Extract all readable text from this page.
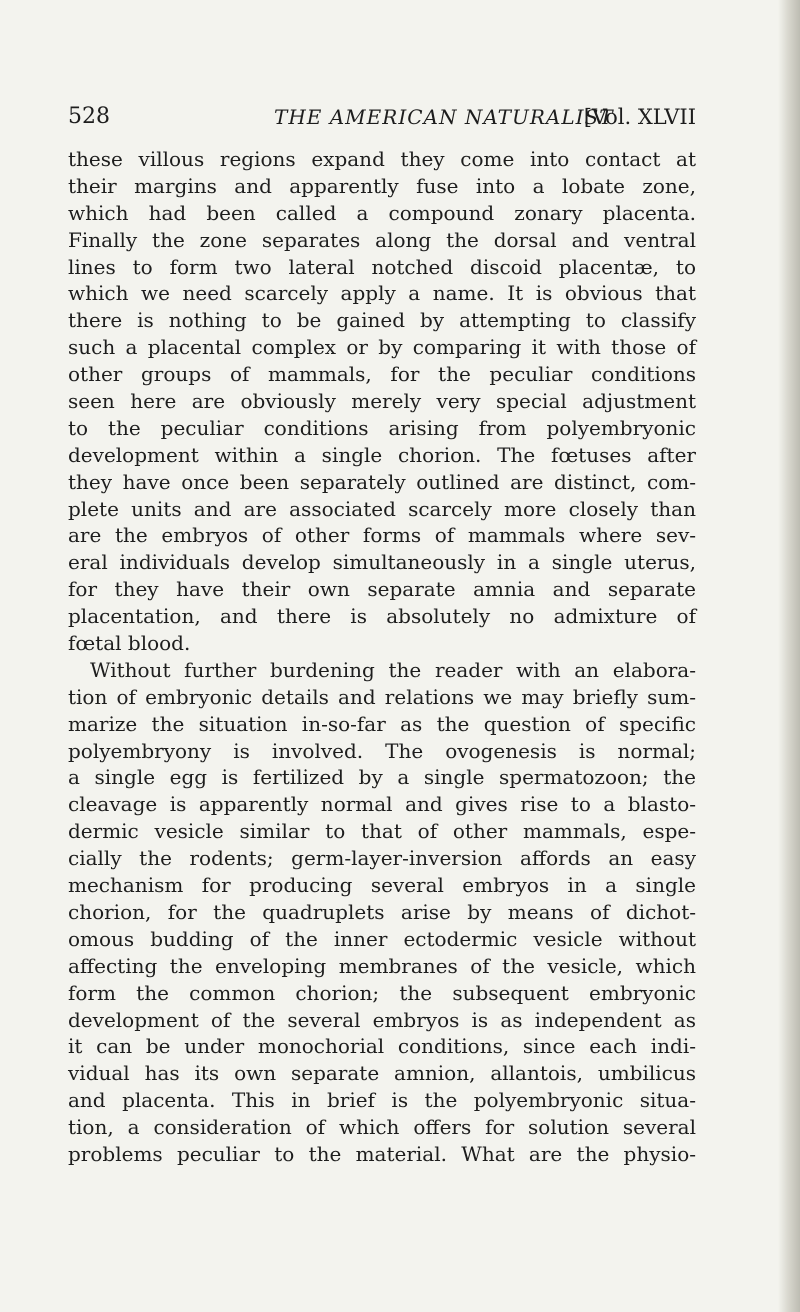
528	THE AMERICAN NATURALIST
[Vol. XLVII
these villous regions expand they come into contact at
their margins and apparently fuse into a lobate zone,
which had been called a compound zonary placenta.
Finally the zone separates along the dorsal and ventral
lines to form two lateral notched discoid placentæ, to
which we need scarcely apply a name. It is obvious that
there is nothing to be gained by attempting to classify
such a placental complex or by comparing it with those of
other groups of mammals, for the peculiar conditions
seen here are obviously merely very special adjustment
to the peculiar conditions arising from polyembryonic
development within a single chorion. The fœtuses after
they have once been separately outlined are distinct, com-
plete units and are associated scarcely more closely than
are the embryos of other forms of mammals where sev-
eral individuals develop simultaneously in a single uterus,
for they have their own separate amnia and separate
placentation, and there is absolutely no admixture of
fœtal blood.
Without further burdening the reader with an elabora-
tion of embryonic details and relations we may briefly sum-
marize the situation in-so-far as the question of specific
polyembryony is involved. The ovogenesis is normal;
a single egg is fertilized by a single spermatozoon; the
cleavage is apparently normal and gives rise to a blasto-
dermic vesicle similar to that of other mammals, espe-
cially the rodents; germ-layer-inversion affords an easy
mechanism for producing several embryos in a single
chorion, for the quadruplets arise by means of dichot-
omous budding of the inner ectodermic vesicle without
affecting the enveloping membranes of the vesicle, which
form the common chorion; the subsequent embryonic
development of the several embryos is as independent as
it can be under monochorial conditions, since each indi-
vidual has its own separate amnion, allantois, umbilicus
and placenta. This in brief is the polyembryonic situa-
tion, a consideration of which offers for solution several
problems peculiar to the material. What are the physio-
